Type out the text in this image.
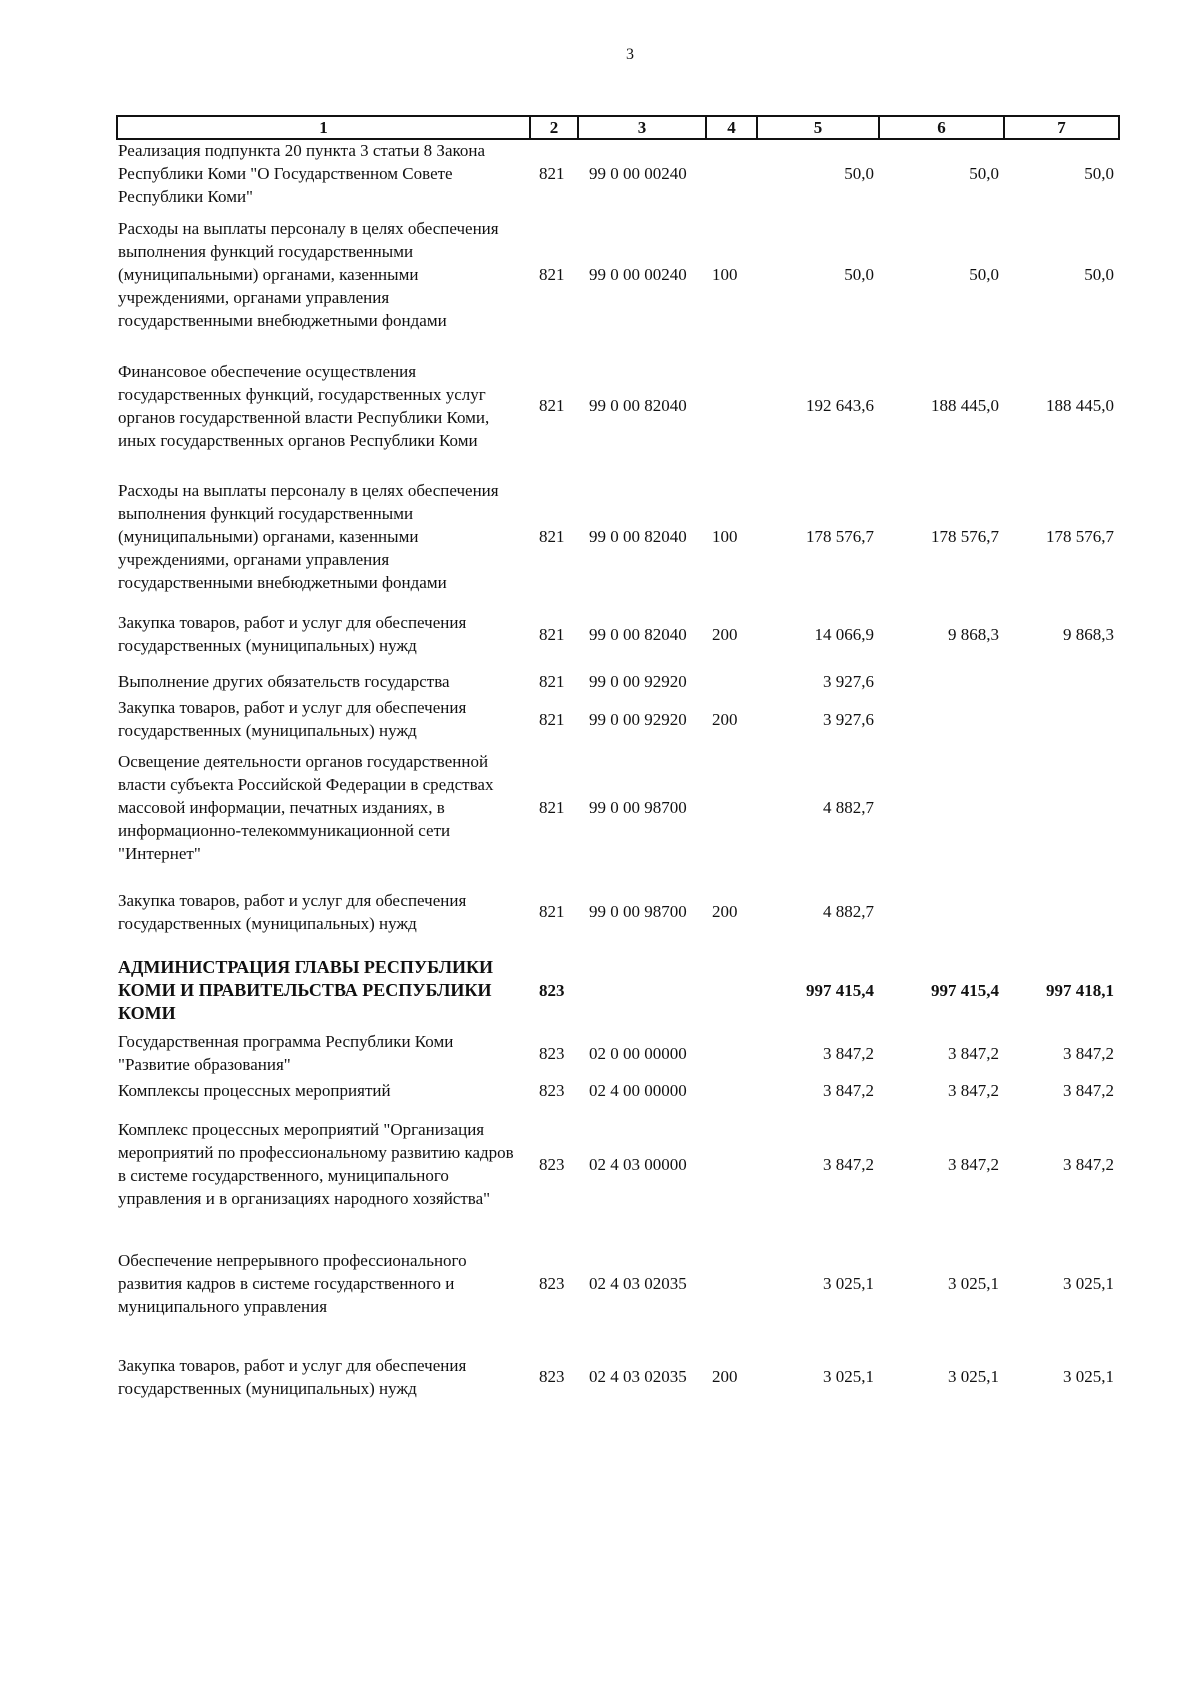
3
1	2	3	4	5	6	7
Реализация подпункта 20 пункта 3 статьи 8 Закона Республики Коми "О Государственном Совете Республики Коми"	821	99 0 00 00240		50,0	50,0	50,0
Расходы на выплаты персоналу в целях обеспечения выполнения функций государственными (муниципальными) органами, казенными учреждениями, органами управления государственными внебюджетными фондами	821	99 0 00 00240	100	50,0	50,0	50,0
Финансовое обеспечение осуществления государственных функций, государственных услуг органов государственной власти Республики Коми, иных государственных органов Республики Коми	821	99 0 00 82040		192 643,6	188 445,0	188 445,0
Расходы на выплаты персоналу в целях обеспечения выполнения функций государственными (муниципальными) органами, казенными учреждениями, органами управления государственными внебюджетными фондами	821	99 0 00 82040	100	178 576,7	178 576,7	178 576,7
Закупка товаров, работ и услуг для обеспечения государственных (муниципальных) нужд	821	99 0 00 82040	200	14 066,9	9 868,3	9 868,3
Выполнение других обязательств государства	821	99 0 00 92920		3 927,6		
Закупка товаров, работ и услуг для обеспечения государственных (муниципальных) нужд	821	99 0 00 92920	200	3 927,6		
Освещение деятельности органов государственной власти субъекта Российской Федерации в средствах массовой информации, печатных изданиях, в информационно-телекоммуникационной сети "Интернет"	821	99 0 00 98700		4 882,7		
Закупка товаров, работ и услуг для обеспечения государственных (муниципальных) нужд	821	99 0 00 98700	200	4 882,7		
АДМИНИСТРАЦИЯ ГЛАВЫ РЕСПУБЛИКИ КОМИ И ПРАВИТЕЛЬСТВА РЕСПУБЛИКИ КОМИ	823			997 415,4	997 415,4	997 418,1
Государственная программа Республики Коми "Развитие образования"	823	02 0 00 00000		3 847,2	3 847,2	3 847,2
Комплексы процессных мероприятий	823	02 4 00 00000		3 847,2	3 847,2	3 847,2
Комплекс процессных мероприятий "Организация мероприятий по профессиональному развитию кадров в системе государственного, муниципального управления и в организациях народного хозяйства"	823	02 4 03 00000		3 847,2	3 847,2	3 847,2
Обеспечение непрерывного профессионального развития кадров в системе государственного и муниципального управления	823	02 4 03 02035		3 025,1	3 025,1	3 025,1
Закупка товаров, работ и услуг для обеспечения государственных (муниципальных) нужд	823	02 4 03 02035	200	3 025,1	3 025,1	3 025,1
